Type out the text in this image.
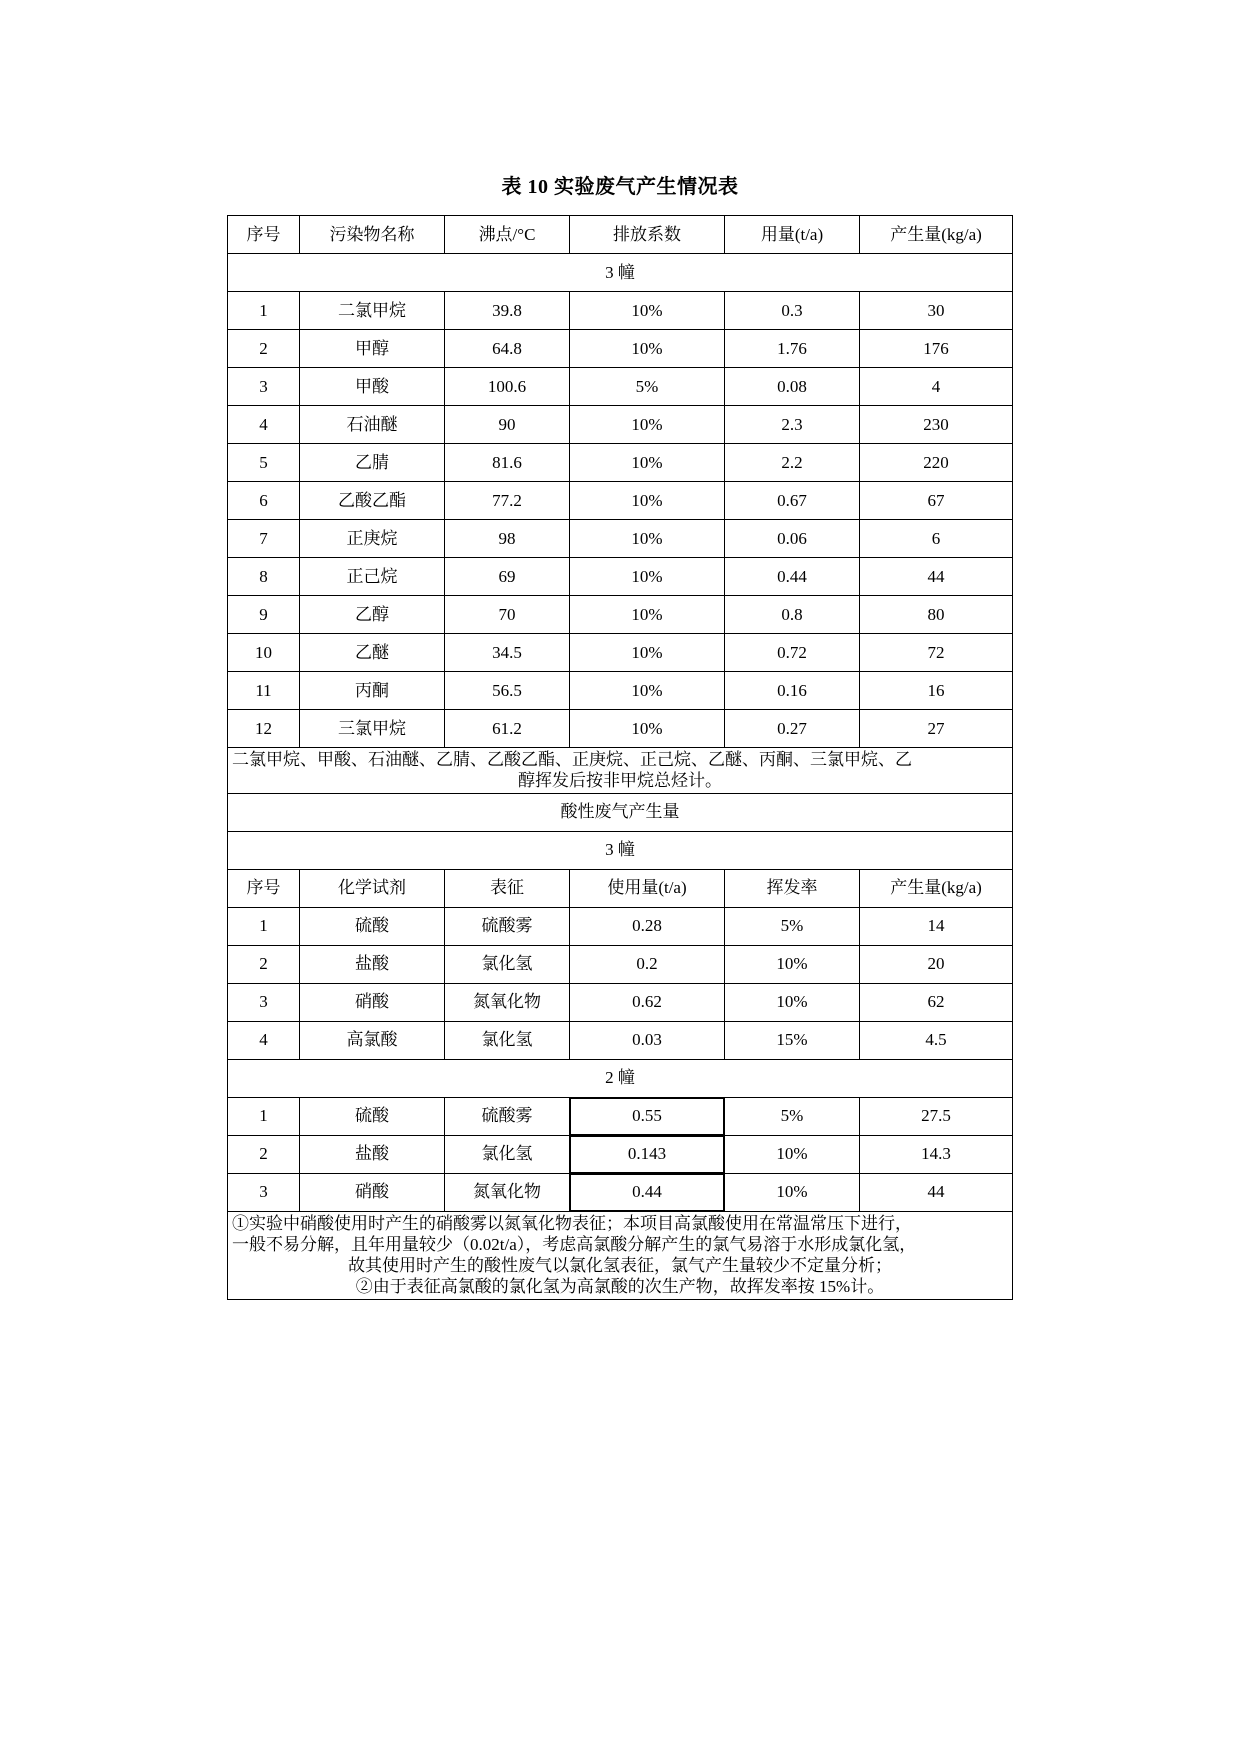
表 10 实验废气产生情况表
序号	污染物名称	沸点/°C	排放系数	用量(t/a)	产生量(kg/a)
3 幢					
1	二氯甲烷	39.8	10%	0.3	30
2	甲醇	64.8	10%	1.76	176
3	甲酸	100.6	5%	0.08	4
4	石油醚	90	10%	2.3	230
5	乙腈	81.6	10%	2.2	220
6	乙酸乙酯	77.2	10%	0.67	67
7	正庚烷	98	10%	0.06	6
8	正己烷	69	10%	0.44	44
9	乙醇	70	10%	0.8	80
10	乙醚	34.5	10%	0.72	72
11	丙酮	56.5	10%	0.16	16
12	三氯甲烷	61.2	10%	0.27	27

二氯甲烷、甲酸、石油醚、乙腈、乙酸乙酯、正庚烷、正己烷、乙醚、丙酮、三氯甲烷、乙
醇挥发后按非甲烷总烃计。					

酸性废气产生量					
3 幢					
序号	化学试剂	表征	使用量(t/a)	挥发率	产生量(kg/a)
1	硫酸	硫酸雾	0.28	5%	14
2	盐酸	氯化氢	0.2	10%	20
3	硝酸	氮氧化物	0.62	10%	62
4	高氯酸	氯化氢	0.03	15%	4.5
2 幢					
1	硫酸	硫酸雾	0.55	5%	27.5
2	盐酸	氯化氢	0.143	10%	14.3
3	硝酸	氮氧化物	0.44	10%	44

①实验中硝酸使用时产生的硝酸雾以氮氧化物表征；本项目高氯酸使用在常温常压下进行，
一般不易分解，且年用量较少（0.02t/a），考虑高氯酸分解产生的氯气易溶于水形成氯化氢，
故其使用时产生的酸性废气以氯化氢表征，氯气产生量较少不定量分析；
②由于表征高氯酸的氯化氢为高氯酸的次生产物，故挥发率按 15%计。					
